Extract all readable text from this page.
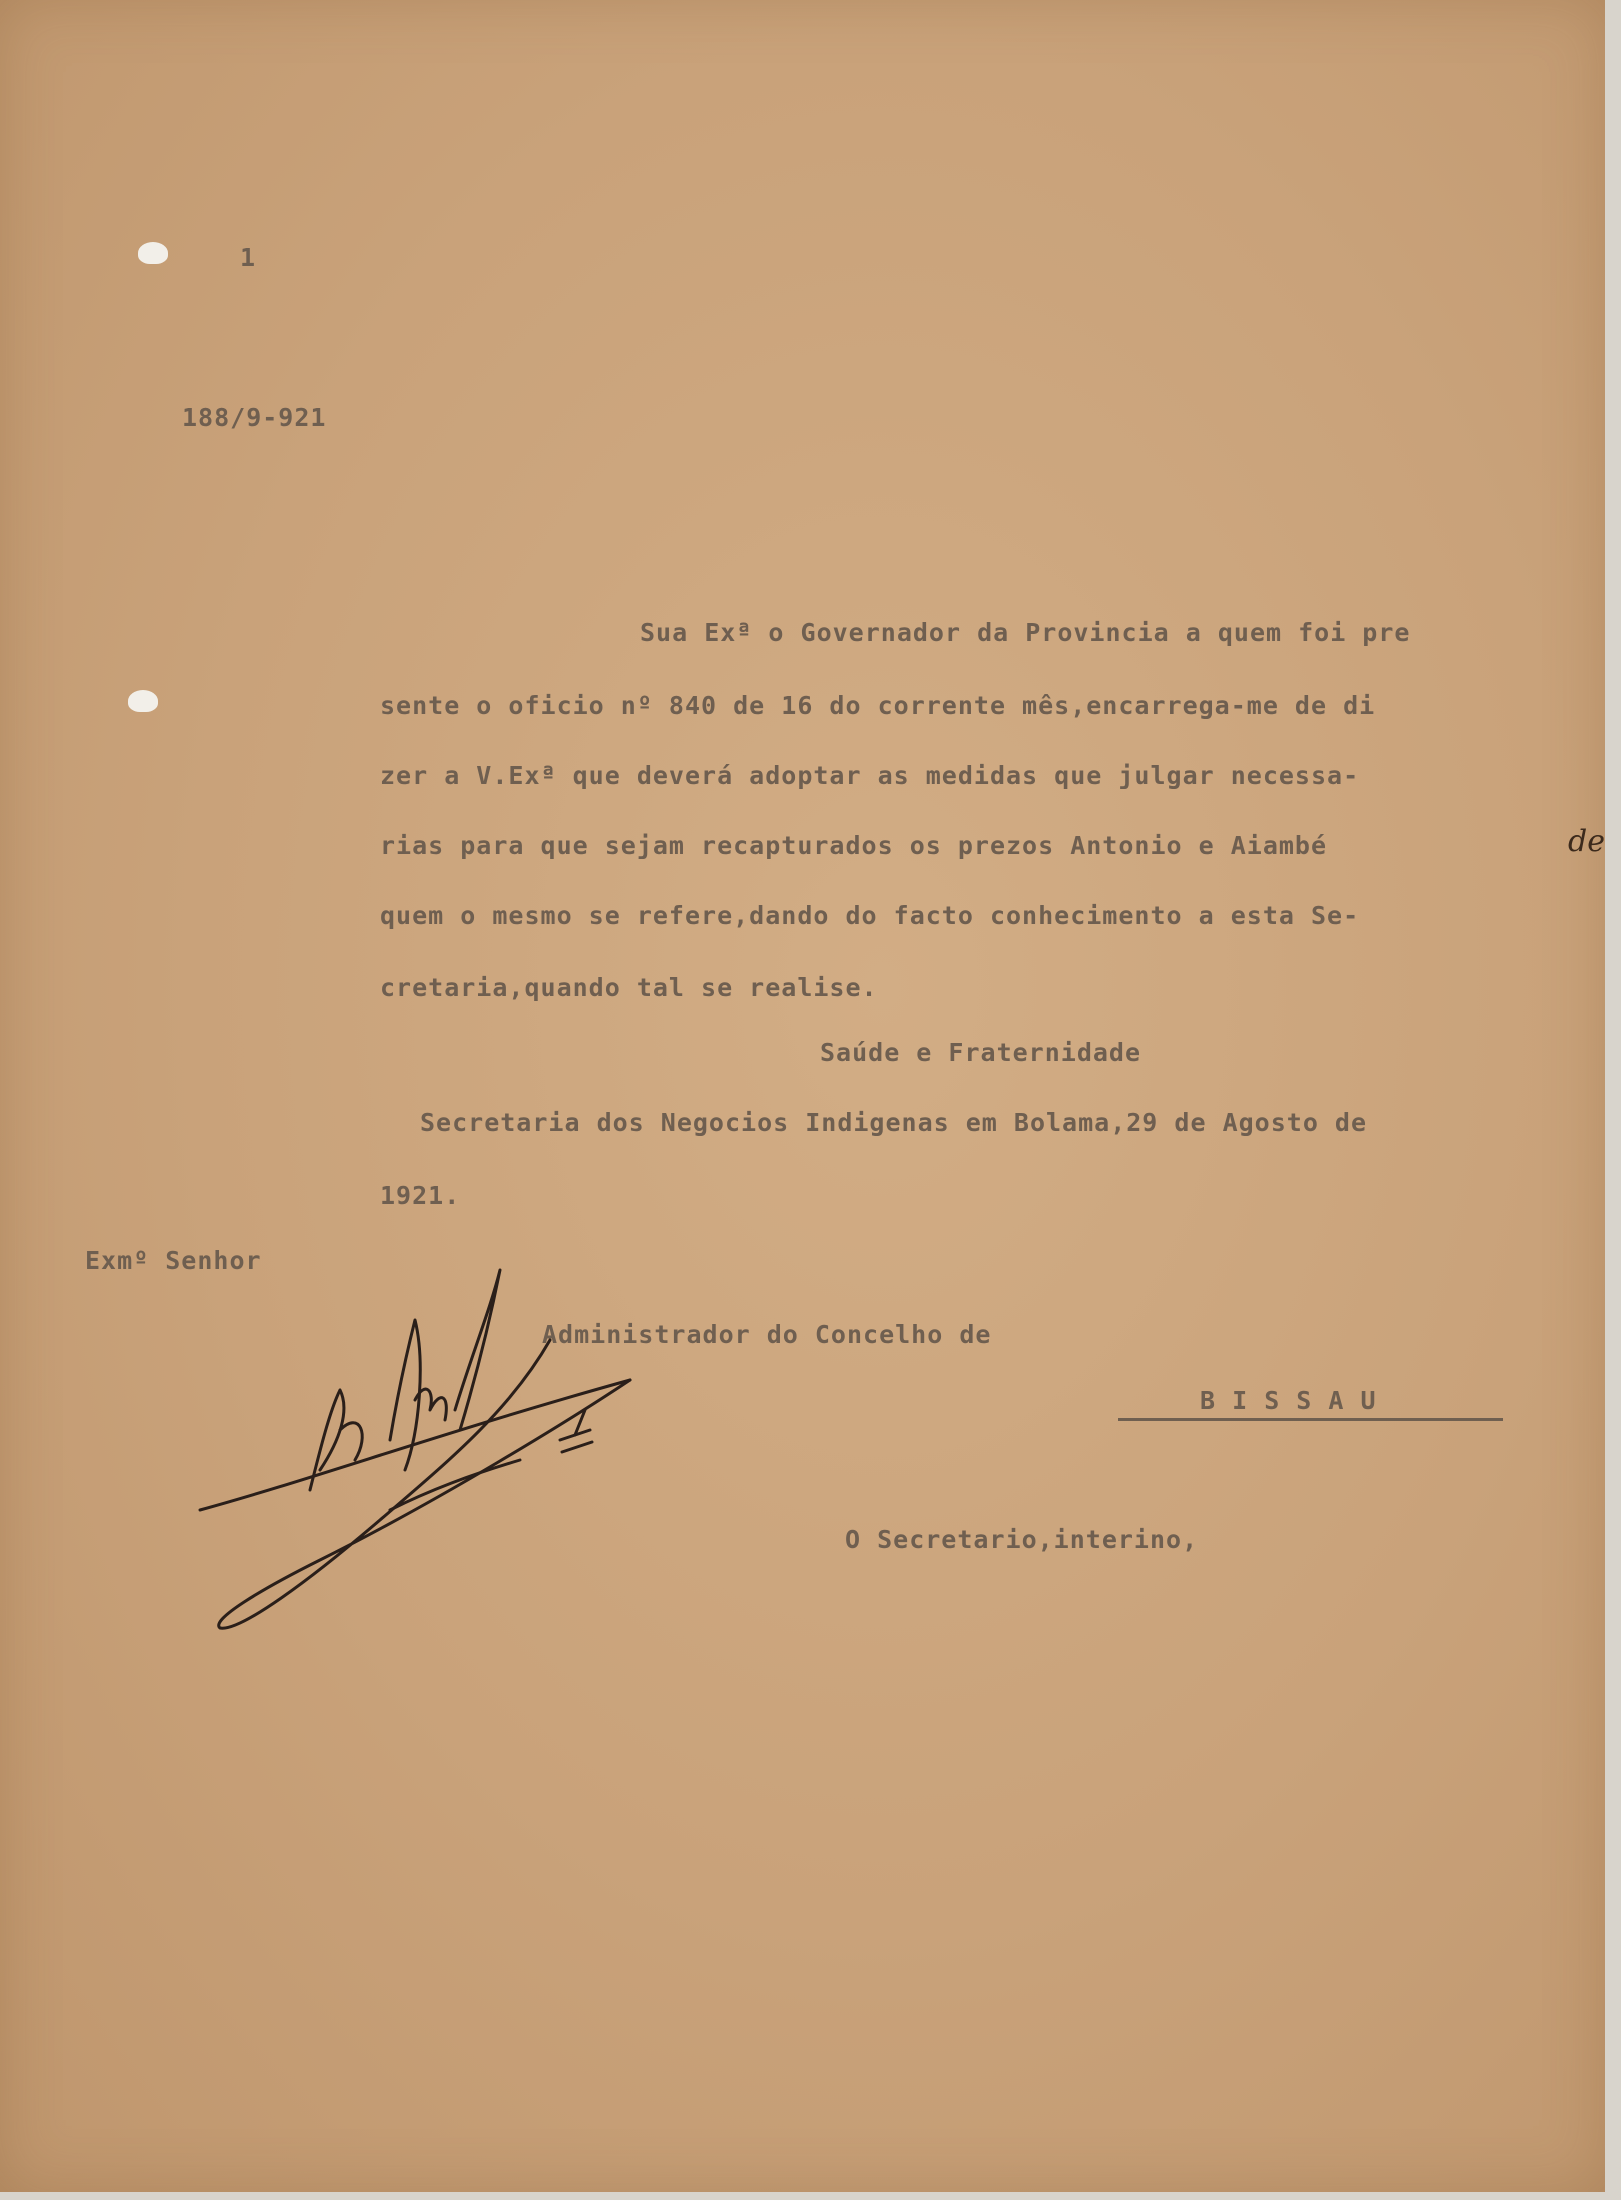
1
188/9-921
Sua Exª o Governador da Provincia a quem foi pre
sente o oficio nº 840 de 16 do corrente mês,encarrega-me de di
zer a V.Exª que deverá adoptar as medidas que julgar necessa-
rias para que sejam recapturados os prezos Antonio e Aiambé	de
quem o mesmo se refere,dando do facto conhecimento a esta Se-
cretaria,quando tal se realise.
Saúde e Fraternidade
Secretaria dos Negocios Indigenas em Bolama,29 de Agosto de
1921.
Exmº Senhor
Administrador do Concelho de
B I S S A U
O Secretario,interino,
